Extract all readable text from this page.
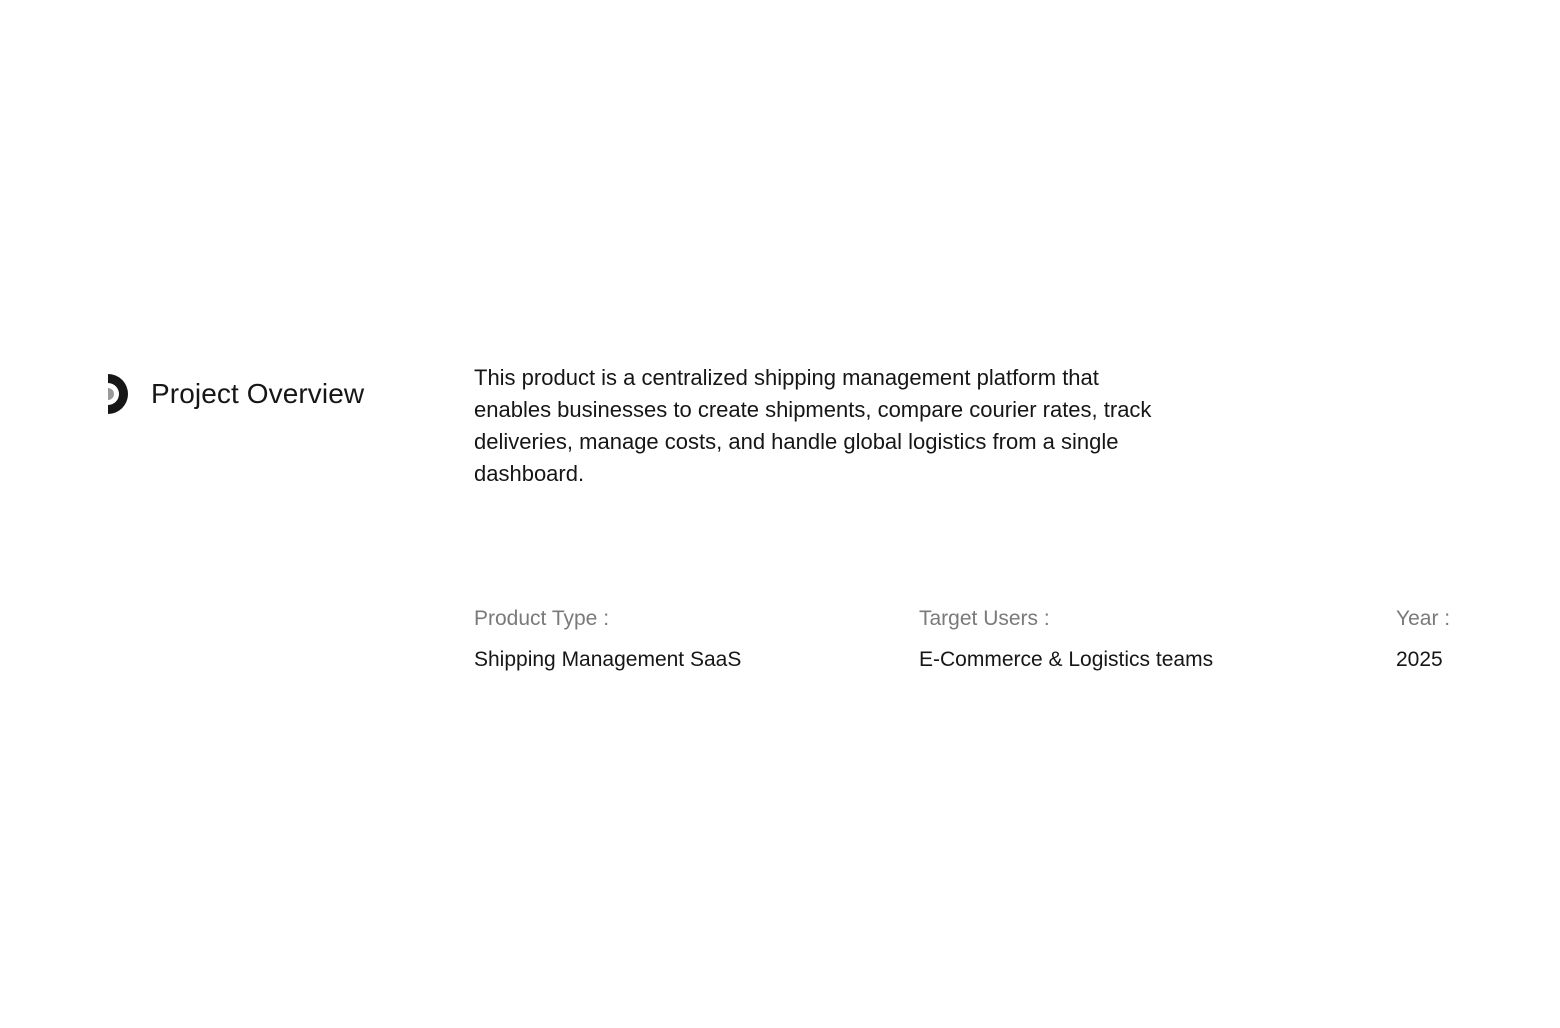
Project Overview

This product is a centralized shipping management platform that enables businesses to create shipments, compare courier rates, track deliveries, manage costs, and handle global logistics from a single dashboard.

Product Type :
Shipping Management SaaS
Target Users :
E-Commerce & Logistics teams
Year :
2025
